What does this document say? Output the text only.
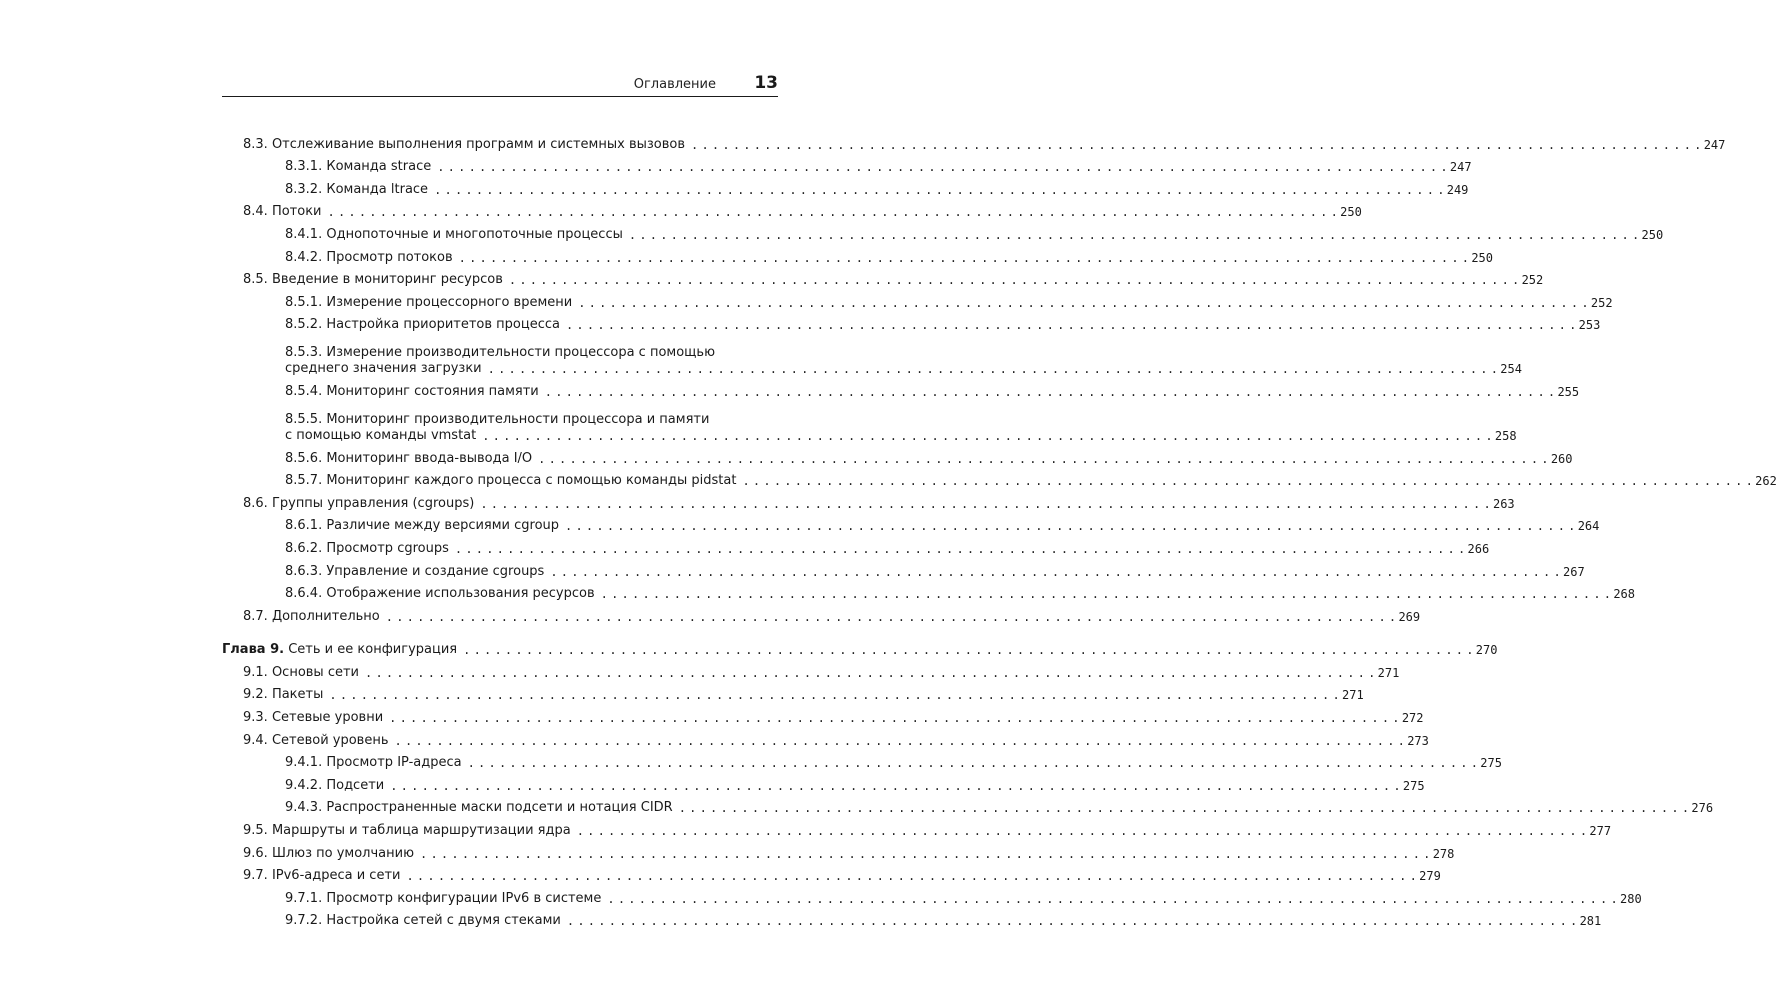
Оглавление 13
8.3. Отслеживание выполнения программ и системных вызовов . . .	247
8.3.1. Команда strace . . .	247
8.3.2. Команда ltrace . . .	249
8.4. Потоки . . .	250
8.4.1. Однопоточные и многопоточные процессы . . .	250
8.4.2. Просмотр потоков . . .	250
8.5. Введение в мониторинг ресурсов . . .	252
8.5.1. Измерение процессорного времени . . .	252
8.5.2. Настройка приоритетов процесса . . .	253
8.5.3. Измерение производительности процессора с помощью
среднего значения загрузки . . .	254
8.5.4. Мониторинг состояния памяти . . .	255
8.5.5. Мониторинг производительности процессора и памяти
с помощью команды vmstat . . .	258
8.5.6. Мониторинг ввода-вывода I/O . . .	260
8.5.7. Мониторинг каждого процесса с помощью команды pidstat . . .	262
8.6. Группы управления (cgroups) . . .	263
8.6.1. Различие между версиями cgroup . . .	264
8.6.2. Просмотр cgroups . . .	266
8.6.3. Управление и создание cgroups . . .	267
8.6.4. Отображение использования ресурсов . . .	268
8.7. Дополнительно . . .	269
Глава 9. Сеть и ее конфигурация . . .	270
9.1. Основы сети . . .	271
9.2. Пакеты . . .	271
9.3. Сетевые уровни . . .	272
9.4. Сетевой уровень . . .	273
9.4.1. Просмотр IP-адреса . . .	275
9.4.2. Подсети . . .	275
9.4.3. Распространенные маски подсети и нотация CIDR . . .	276
9.5. Маршруты и таблица маршрутизации ядра . . .	277
9.6. Шлюз по умолчанию . . .	278
9.7. IPv6-адреса и сети . . .	279
9.7.1. Просмотр конфигурации IPv6 в системе . . .	280
9.7.2. Настройка сетей с двумя стеками . . .	281
